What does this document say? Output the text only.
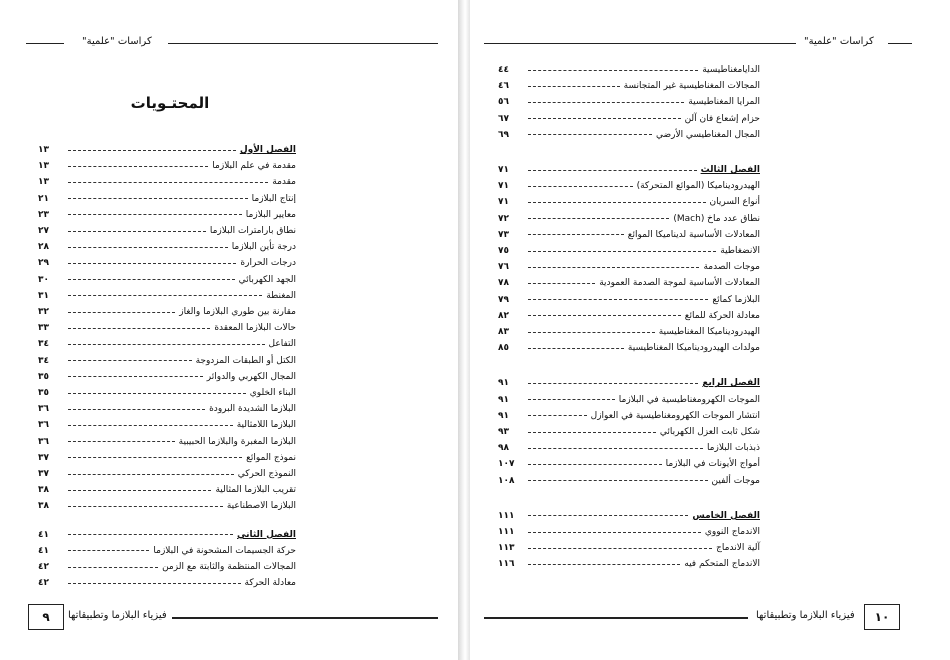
كراسات "علمية"
المحتـويات
١٣	الفصل الأول
١٣	مقدمة في علم البلازما
١٣	مقدمة
٢١	إنتاج البلازما
٢٣	معايير البلازما
٢٧	نطاق بارامترات البلازما
٢٨	درجة تأين البلازما
٢٩	درجات الحرارة
٣٠	الجهد الكهربائي
٣١	المغنطة
٣٢	مقارنة بين طوري البلازما والغاز
٣٣	حالات البلازما المعقدة
٣٤	التفاعل
٣٤	الكتل أو الطبقات المزدوجة
٣٥	المجال الكهربي والدوائر
٣٥	البناء الخلوي
٣٦	البلازما الشديدة البرودة
٣٦	البلازما اللامثالية
٣٦	البلازما المغبرة والبلازما الحبيبية
٣٧	نموذج الموائع
٣٧	النموذج الحركي
٣٨	تقريب البلازما المثالية
٣٨	البلازما الاصطناعية
٤١	الفصل الثاني
٤١	حركة الجسيمات المشحونة في البلازما
٤٢	المجالات المنتظمة والثابتة مع الزمن
٤٢	معادلة الحركة
٩	فيزياء البلازما وتطبيقاتها
كراسات "علمية"
٤٤	الدايامغناطيسية
٤٦	المجالات المغناطيسية غير المتجانسة
٥٦	المرايا المغناطيسية
٦٧	حزام إشعاع فان آلن
٦٩	المجال المغناطيسي الأرضي
٧١	الفصل الثالث
٧١	الهيدروديناميكا (الموائع المتحركة)
٧١	أنواع السريان
٧٢	نطاق عدد ماخ (Mach)
٧٣	المعادلات الأساسية لديناميكا الموائع
٧٥	الانضغاطية
٧٦	موجات الصدمة
٧٨	المعادلات الأساسية لموجة الصدمة العمودية
٧٩	البلازما كمائع
٨٢	معادلة الحركة للمائع
٨٣	الهيدروديناميكا المغناطيسية
٨٥	مولدات الهيدروديناميكا المغناطيسية
٩١	الفصل الرابع
٩١	الموجات الكهرومغناطيسية في البلازما
٩١	انتشار الموجات الكهرومغناطيسية في العوازل
٩٣	شكل ثابت العزل الكهربائي
٩٨	ذبذبات البلازما
١٠٧	أمواج الأيونات في البلازما
١٠٨	موجات ألفين
١١١	الفصل الخامس
١١١	الاندماج النووي
١١٣	آلية الاندماج
١١٦	الاندماج المتحكم فيه
فيزياء البلازما وتطبيقاتها	١٠
